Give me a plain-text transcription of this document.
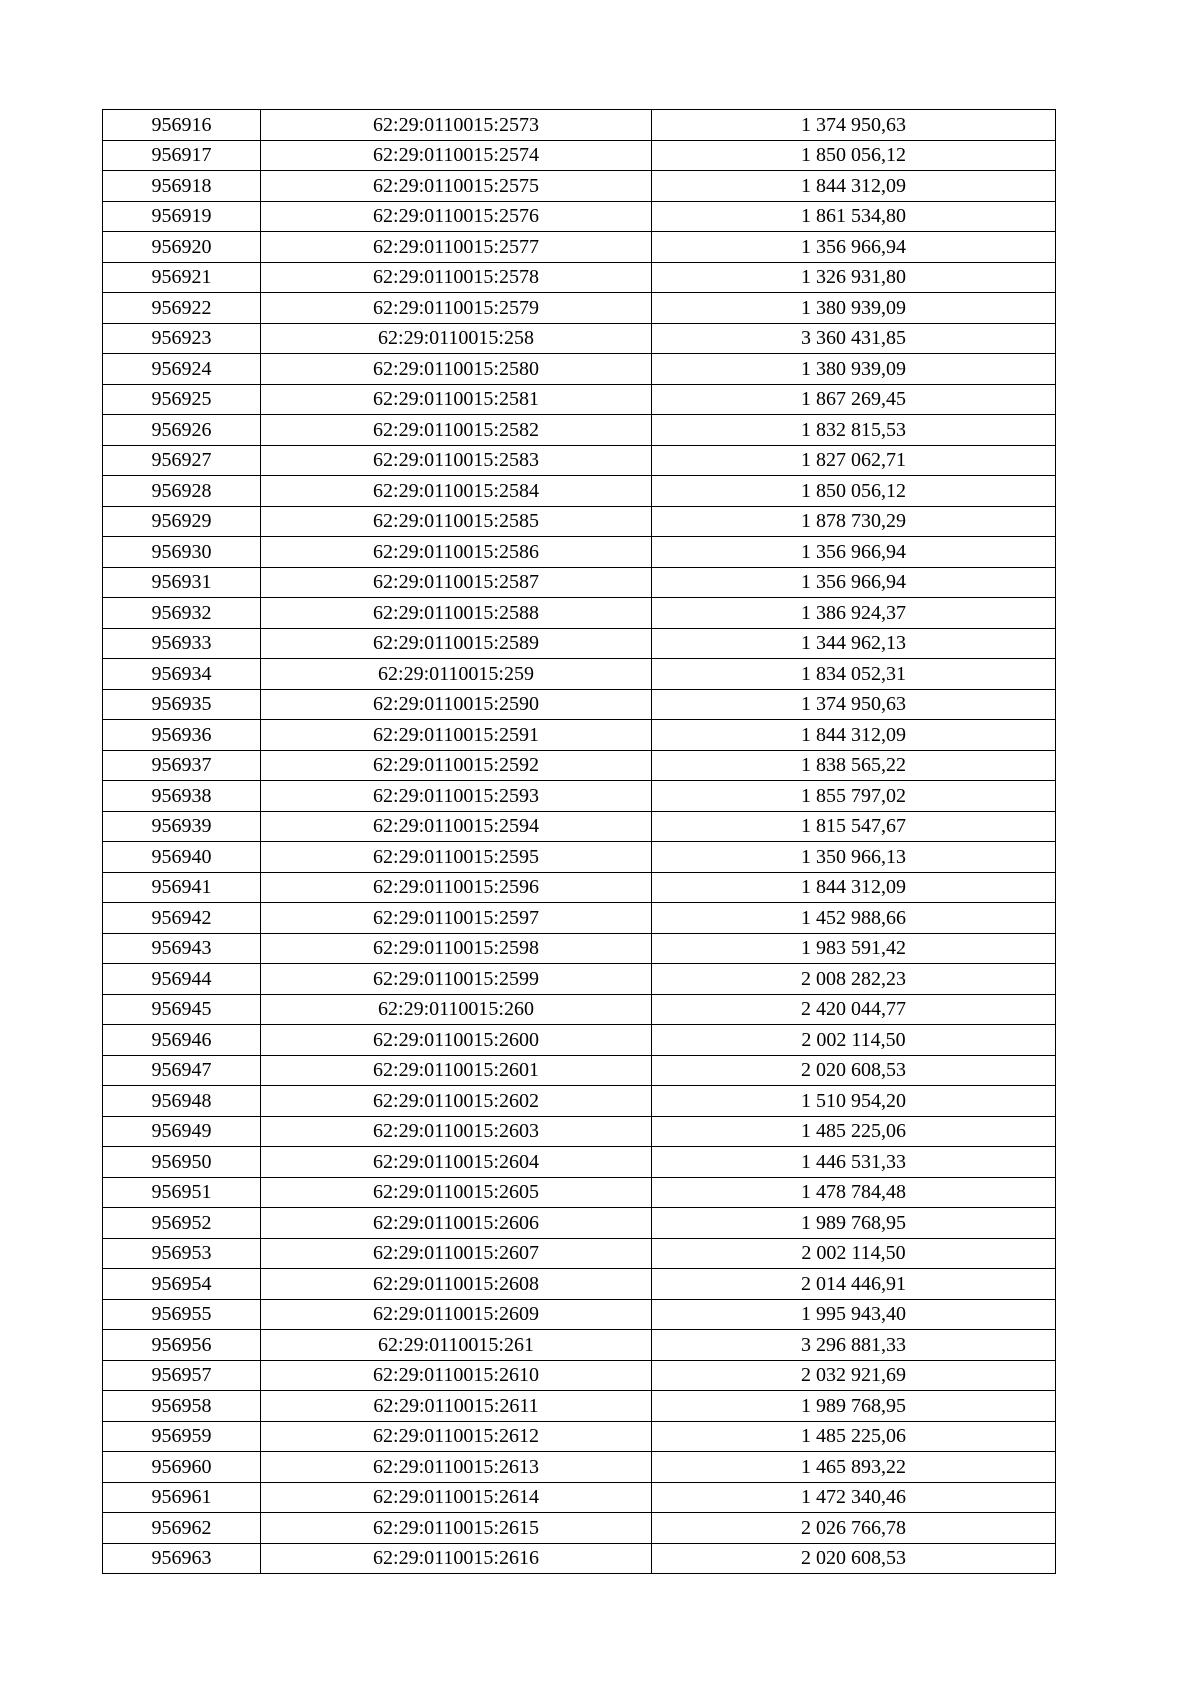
956916	62:29:0110015:2573	1 374 950,63
956917	62:29:0110015:2574	1 850 056,12
956918	62:29:0110015:2575	1 844 312,09
956919	62:29:0110015:2576	1 861 534,80
956920	62:29:0110015:2577	1 356 966,94
956921	62:29:0110015:2578	1 326 931,80
956922	62:29:0110015:2579	1 380 939,09
956923	62:29:0110015:258	3 360 431,85
956924	62:29:0110015:2580	1 380 939,09
956925	62:29:0110015:2581	1 867 269,45
956926	62:29:0110015:2582	1 832 815,53
956927	62:29:0110015:2583	1 827 062,71
956928	62:29:0110015:2584	1 850 056,12
956929	62:29:0110015:2585	1 878 730,29
956930	62:29:0110015:2586	1 356 966,94
956931	62:29:0110015:2587	1 356 966,94
956932	62:29:0110015:2588	1 386 924,37
956933	62:29:0110015:2589	1 344 962,13
956934	62:29:0110015:259	1 834 052,31
956935	62:29:0110015:2590	1 374 950,63
956936	62:29:0110015:2591	1 844 312,09
956937	62:29:0110015:2592	1 838 565,22
956938	62:29:0110015:2593	1 855 797,02
956939	62:29:0110015:2594	1 815 547,67
956940	62:29:0110015:2595	1 350 966,13
956941	62:29:0110015:2596	1 844 312,09
956942	62:29:0110015:2597	1 452 988,66
956943	62:29:0110015:2598	1 983 591,42
956944	62:29:0110015:2599	2 008 282,23
956945	62:29:0110015:260	2 420 044,77
956946	62:29:0110015:2600	2 002 114,50
956947	62:29:0110015:2601	2 020 608,53
956948	62:29:0110015:2602	1 510 954,20
956949	62:29:0110015:2603	1 485 225,06
956950	62:29:0110015:2604	1 446 531,33
956951	62:29:0110015:2605	1 478 784,48
956952	62:29:0110015:2606	1 989 768,95
956953	62:29:0110015:2607	2 002 114,50
956954	62:29:0110015:2608	2 014 446,91
956955	62:29:0110015:2609	1 995 943,40
956956	62:29:0110015:261	3 296 881,33
956957	62:29:0110015:2610	2 032 921,69
956958	62:29:0110015:2611	1 989 768,95
956959	62:29:0110015:2612	1 485 225,06
956960	62:29:0110015:2613	1 465 893,22
956961	62:29:0110015:2614	1 472 340,46
956962	62:29:0110015:2615	2 026 766,78
956963	62:29:0110015:2616	2 020 608,53
